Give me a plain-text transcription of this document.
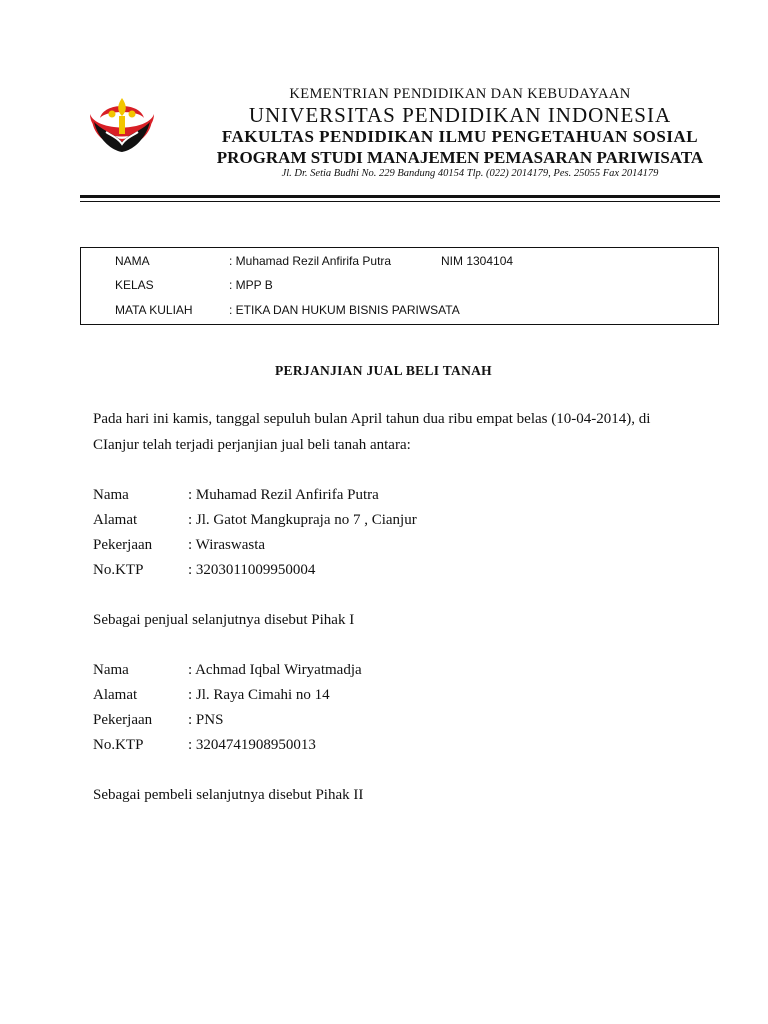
KEMENTRIAN PENDIDIKAN DAN KEBUDAYAAN
UNIVERSITAS PENDIDIKAN INDONESIA
FAKULTAS PENDIDIKAN ILMU PENGETAHUAN SOSIAL
PROGRAM STUDI MANAJEMEN PEMASARAN PARIWISATA
Jl. Dr. Setia Budhi No. 229 Bandung 40154 Tlp. (022) 2014179, Pes. 25055 Fax 2014179
NAMA	: Muhamad Rezil Anfirifa Putra	NIM 1304104
KELAS	: MPP B
MATA KULIAH	: ETIKA DAN HUKUM BISNIS PARIWSATA
PERJANJIAN JUAL BELI TANAH
Pada hari ini kamis, tanggal sepuluh bulan April tahun dua ribu empat belas (10-04-2014), di
CIanjur telah terjadi perjanjian jual beli tanah antara:
Nama	: Muhamad Rezil Anfirifa Putra
Alamat	: Jl. Gatot Mangkupraja no 7 , Cianjur
Pekerjaan : Wiraswasta
No.KTP	: 3203011009950004
Sebagai penjual selanjutnya disebut Pihak I
Nama	: Achmad Iqbal Wiryatmadja
Alamat	: Jl. Raya Cimahi no 14
Pekerjaan : PNS
No.KTP	: 3204741908950013
Sebagai pembeli selanjutnya disebut Pihak II
